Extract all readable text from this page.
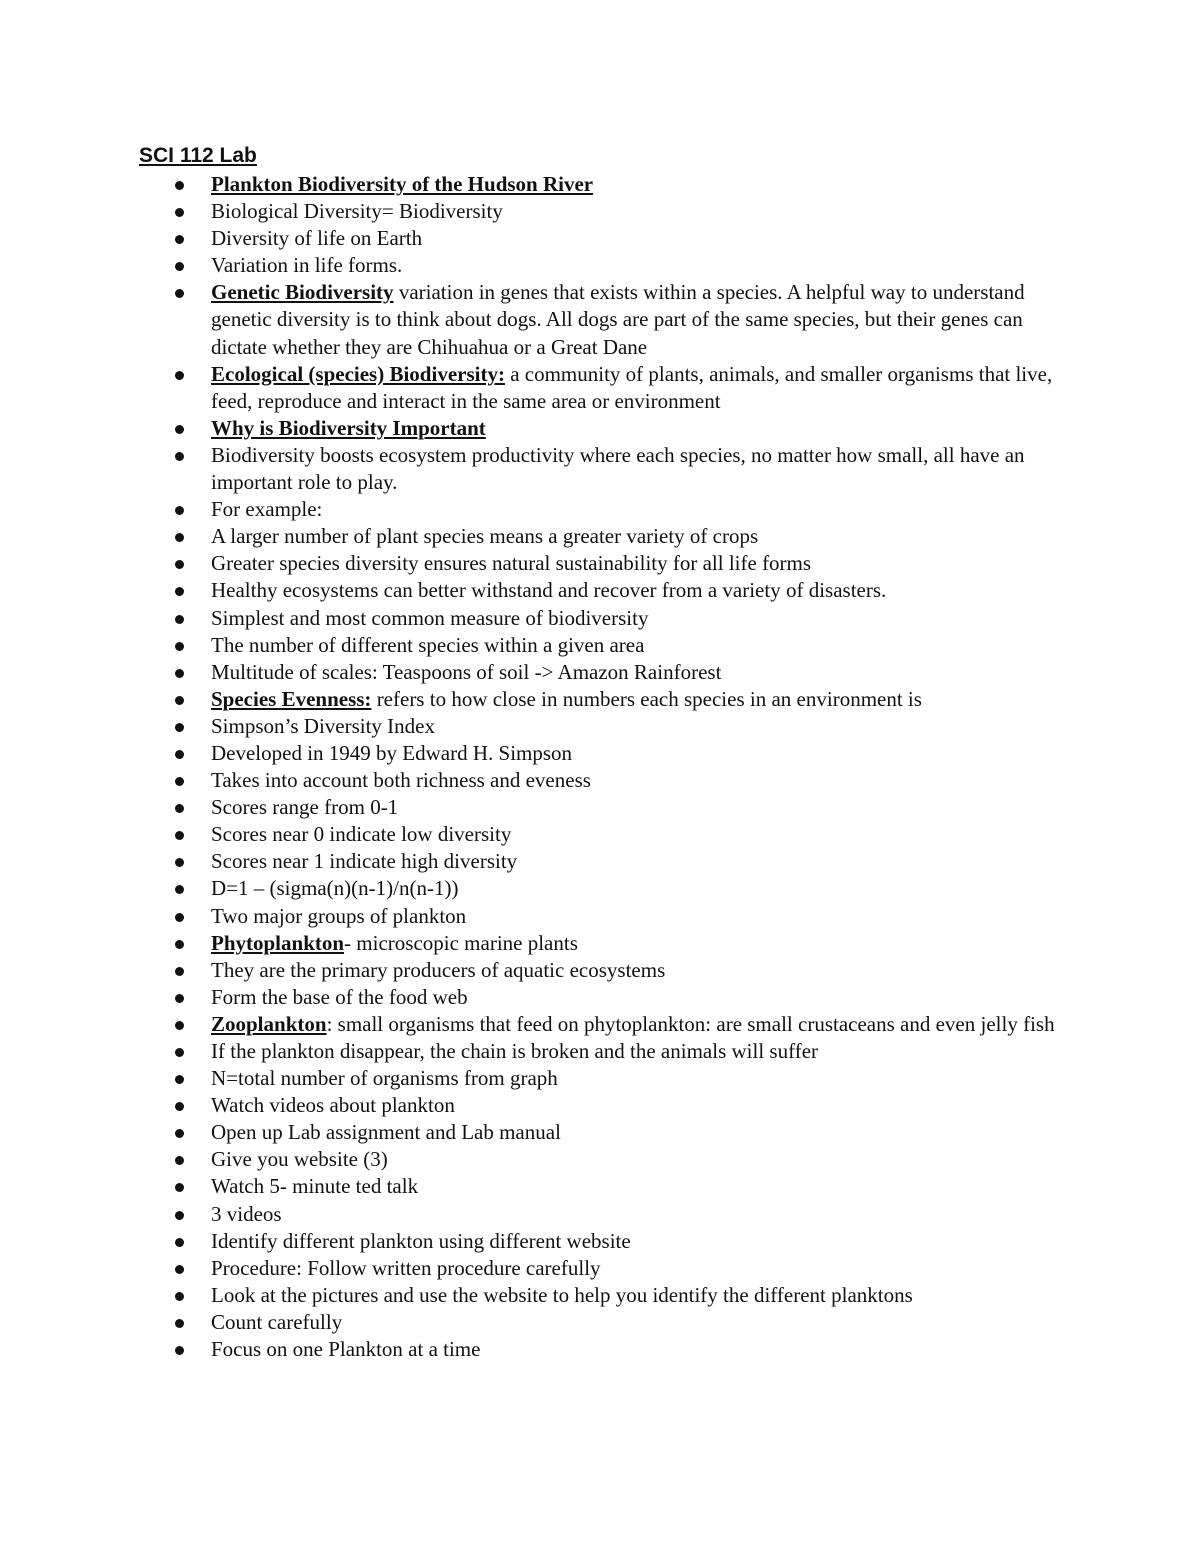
SCI 112 Lab
Plankton Biodiversity of the Hudson River
Biological Diversity= Biodiversity
Diversity of life on Earth
Variation in life forms.
Genetic Biodiversity variation in genes that exists within a species. A helpful way to understand genetic diversity is to think about dogs. All dogs are part of the same species, but their genes can dictate whether they are Chihuahua or a Great Dane
Ecological (species) Biodiversity: a community of plants, animals, and smaller organisms that live, feed, reproduce and interact in the same area or environment
Why is Biodiversity Important
Biodiversity boosts ecosystem productivity where each species, no matter how small, all have an important role to play.
For example:
A larger number of plant species means a greater variety of crops
Greater species diversity ensures natural sustainability for all life forms
Healthy ecosystems can better withstand and recover from a variety of disasters.
Simplest and most common measure of biodiversity
The number of different species within a given area
Multitude of scales: Teaspoons of soil -> Amazon Rainforest
Species Evenness: refers to how close in numbers each species in an environment is
Simpson’s Diversity Index
Developed in 1949 by Edward H. Simpson
Takes into account both richness and eveness
Scores range from 0-1
Scores near 0 indicate low diversity
Scores near 1 indicate high diversity
D=1 – (sigma(n)(n-1)/n(n-1))
Two major groups of plankton
Phytoplankton- microscopic marine plants
They are the primary producers of aquatic ecosystems
Form the base of the food web
Zooplankton: small organisms that feed on phytoplankton: are small crustaceans and even jelly fish
If the plankton disappear, the chain is broken and the animals will suffer
N=total number of organisms from graph
Watch videos about plankton
Open up Lab assignment and Lab manual
Give you website (3)
Watch 5- minute ted talk
3 videos
Identify different plankton using different website
Procedure: Follow written procedure carefully
Look at the pictures and use the website to help you identify the different planktons
Count carefully
Focus on one Plankton at a time
